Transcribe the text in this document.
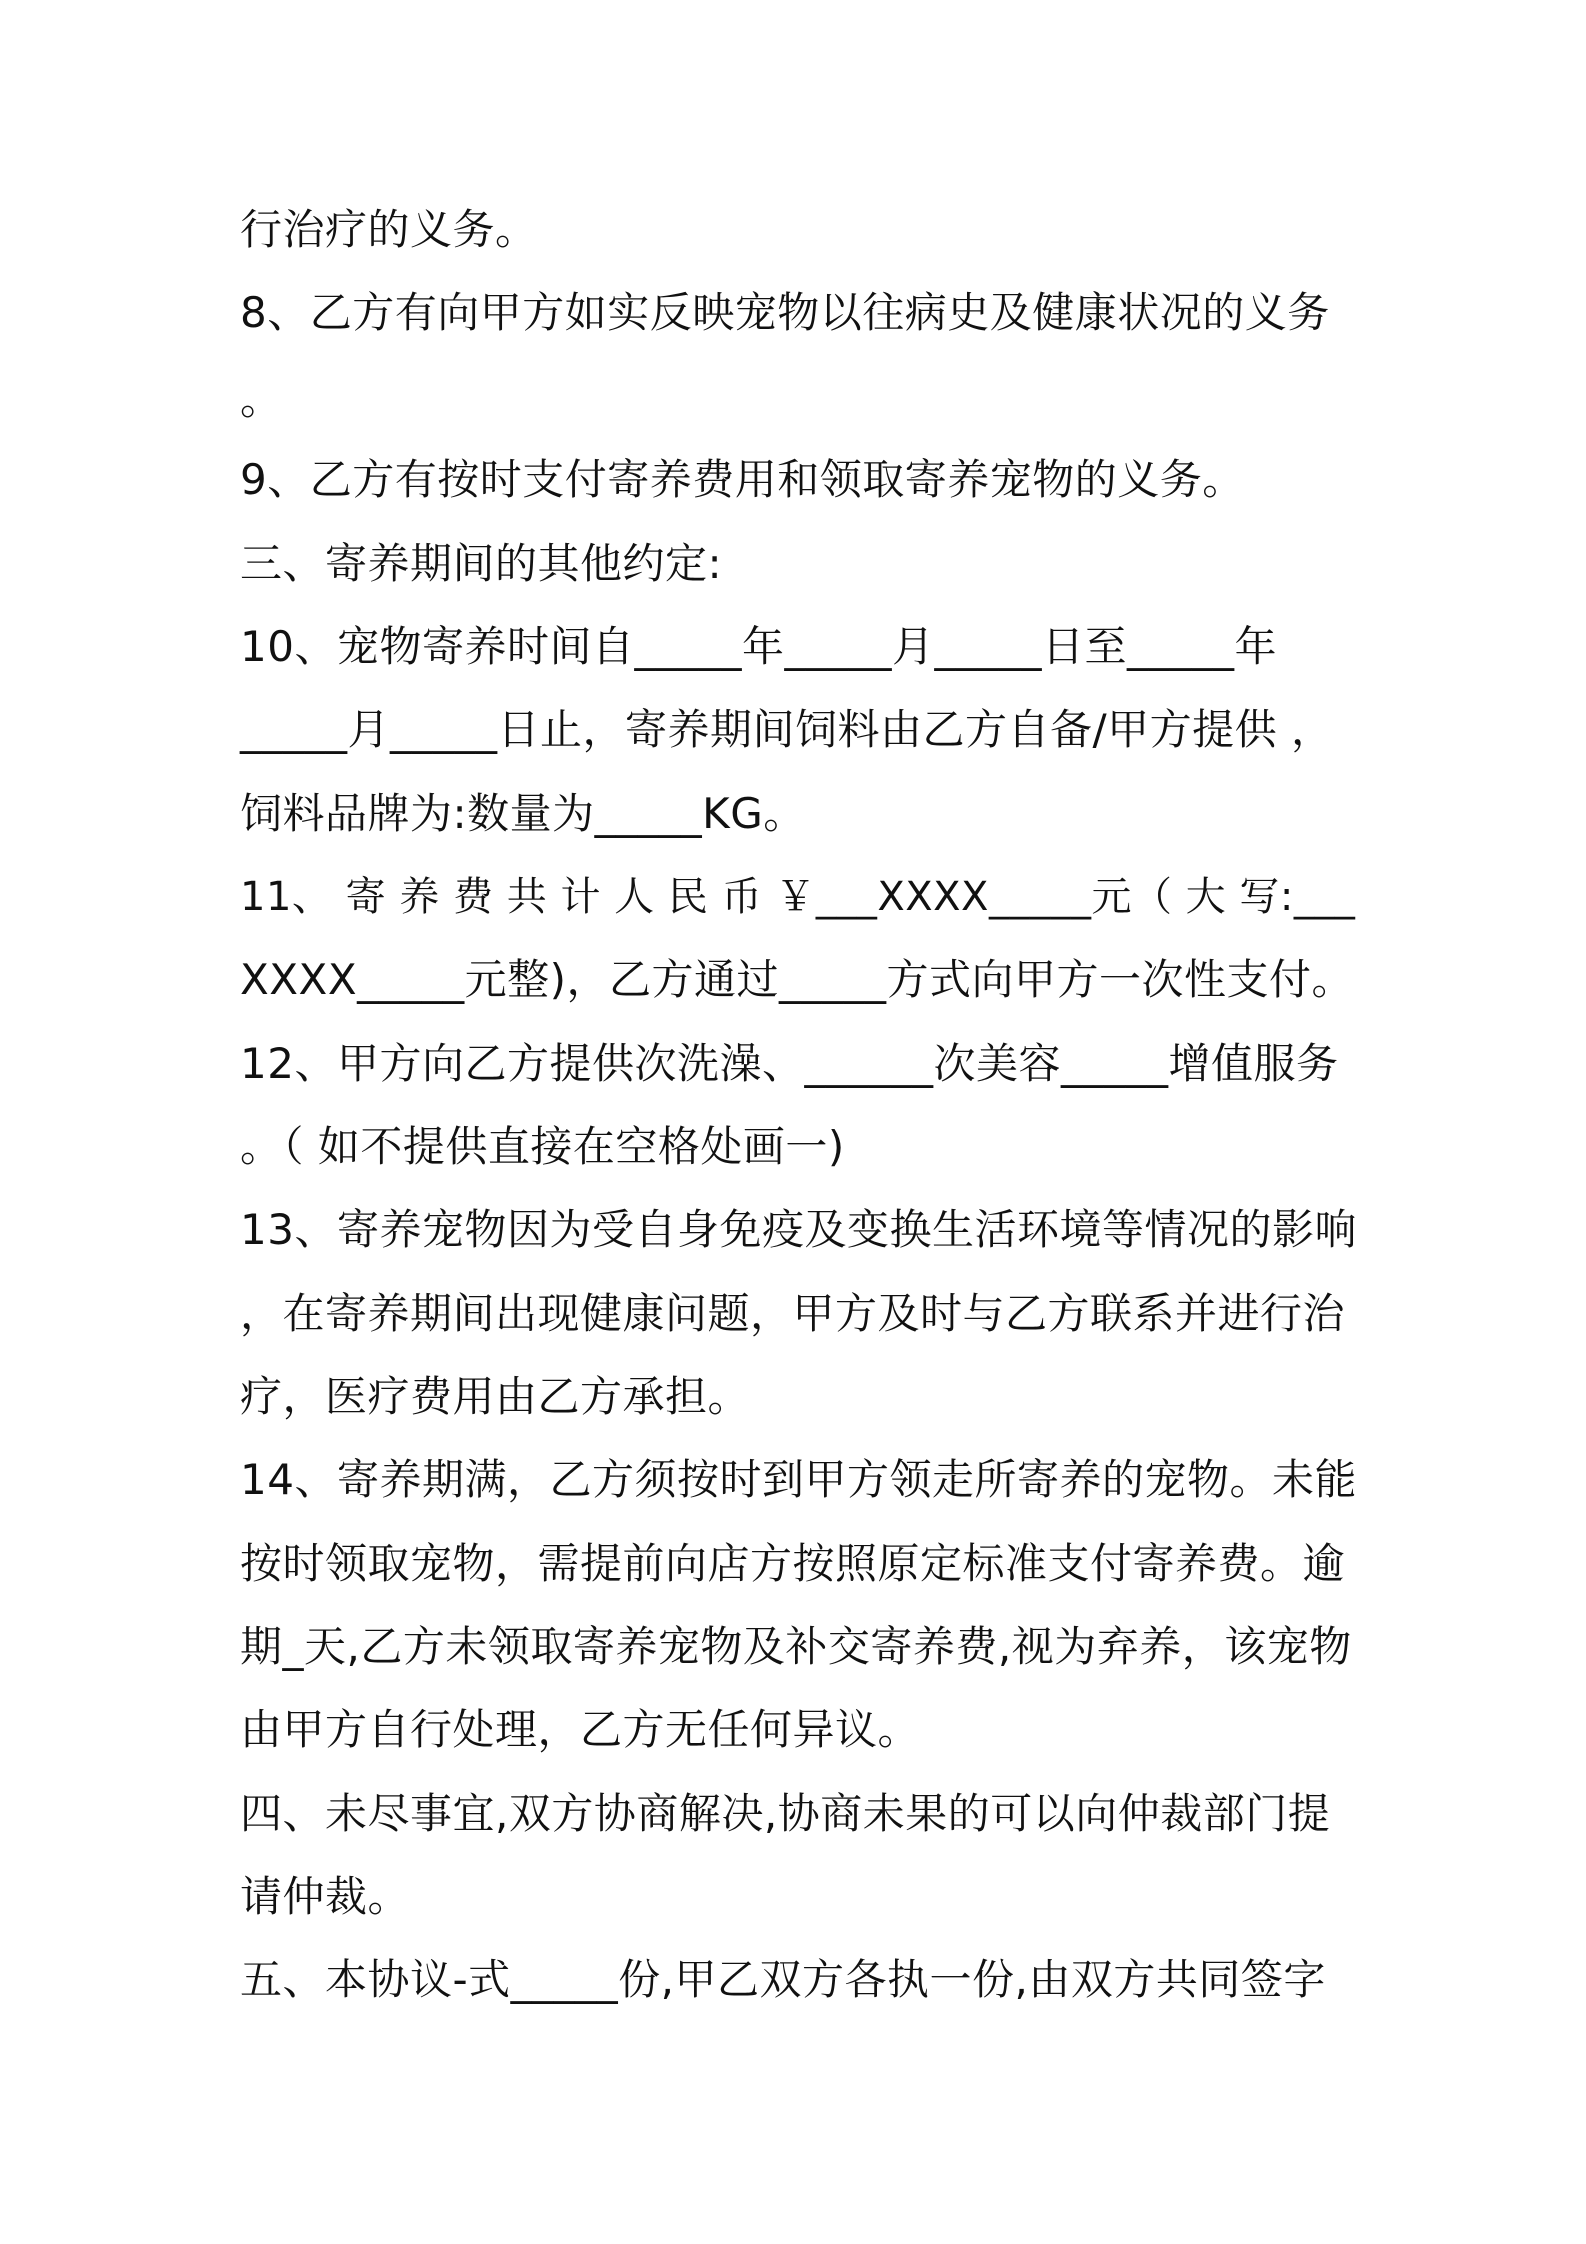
行治疗的义务。
8、乙方有向甲方如实反映宠物以往病史及健康状况的义务
。
9、乙方有按时支付寄养费用和领取寄养宠物的义务。
三、寄养期间的其他约定:
10、宠物寄养时间自_____年_____月_____日至_____年
_____月_____日止，寄养期间饲料由乙方自备/甲方提供 ，
饲料品牌为:数量为_____KG。
11、 寄 养 费 共 计 人 民 币 ￥___XXXX_____元（ 大 写:___
XXXX_____元整)，乙方通过_____方式向甲方一次性支付。
12、甲方向乙方提供次洗澡、______次美容_____增值服务
。（ 如不提供直接在空格处画一)
13、寄养宠物因为受自身免疫及变换生活环境等情况的影响
，在寄养期间出现健康问题，甲方及时与乙方联系并进行治
疗，医疗费用由乙方承担。
14、寄养期满，乙方须按时到甲方领走所寄养的宠物。未能
按时领取宠物，需提前向店方按照原定标准支付寄养费。逾
期_天,乙方未领取寄养宠物及补交寄养费,视为弃养，该宠物
由甲方自行处理，乙方无任何异议。
四、未尽事宜,双方协商解决,协商未果的可以向仲裁部门提
请仲裁。
五、本协议-式_____份,甲乙双方各执一份,由双方共同签字
